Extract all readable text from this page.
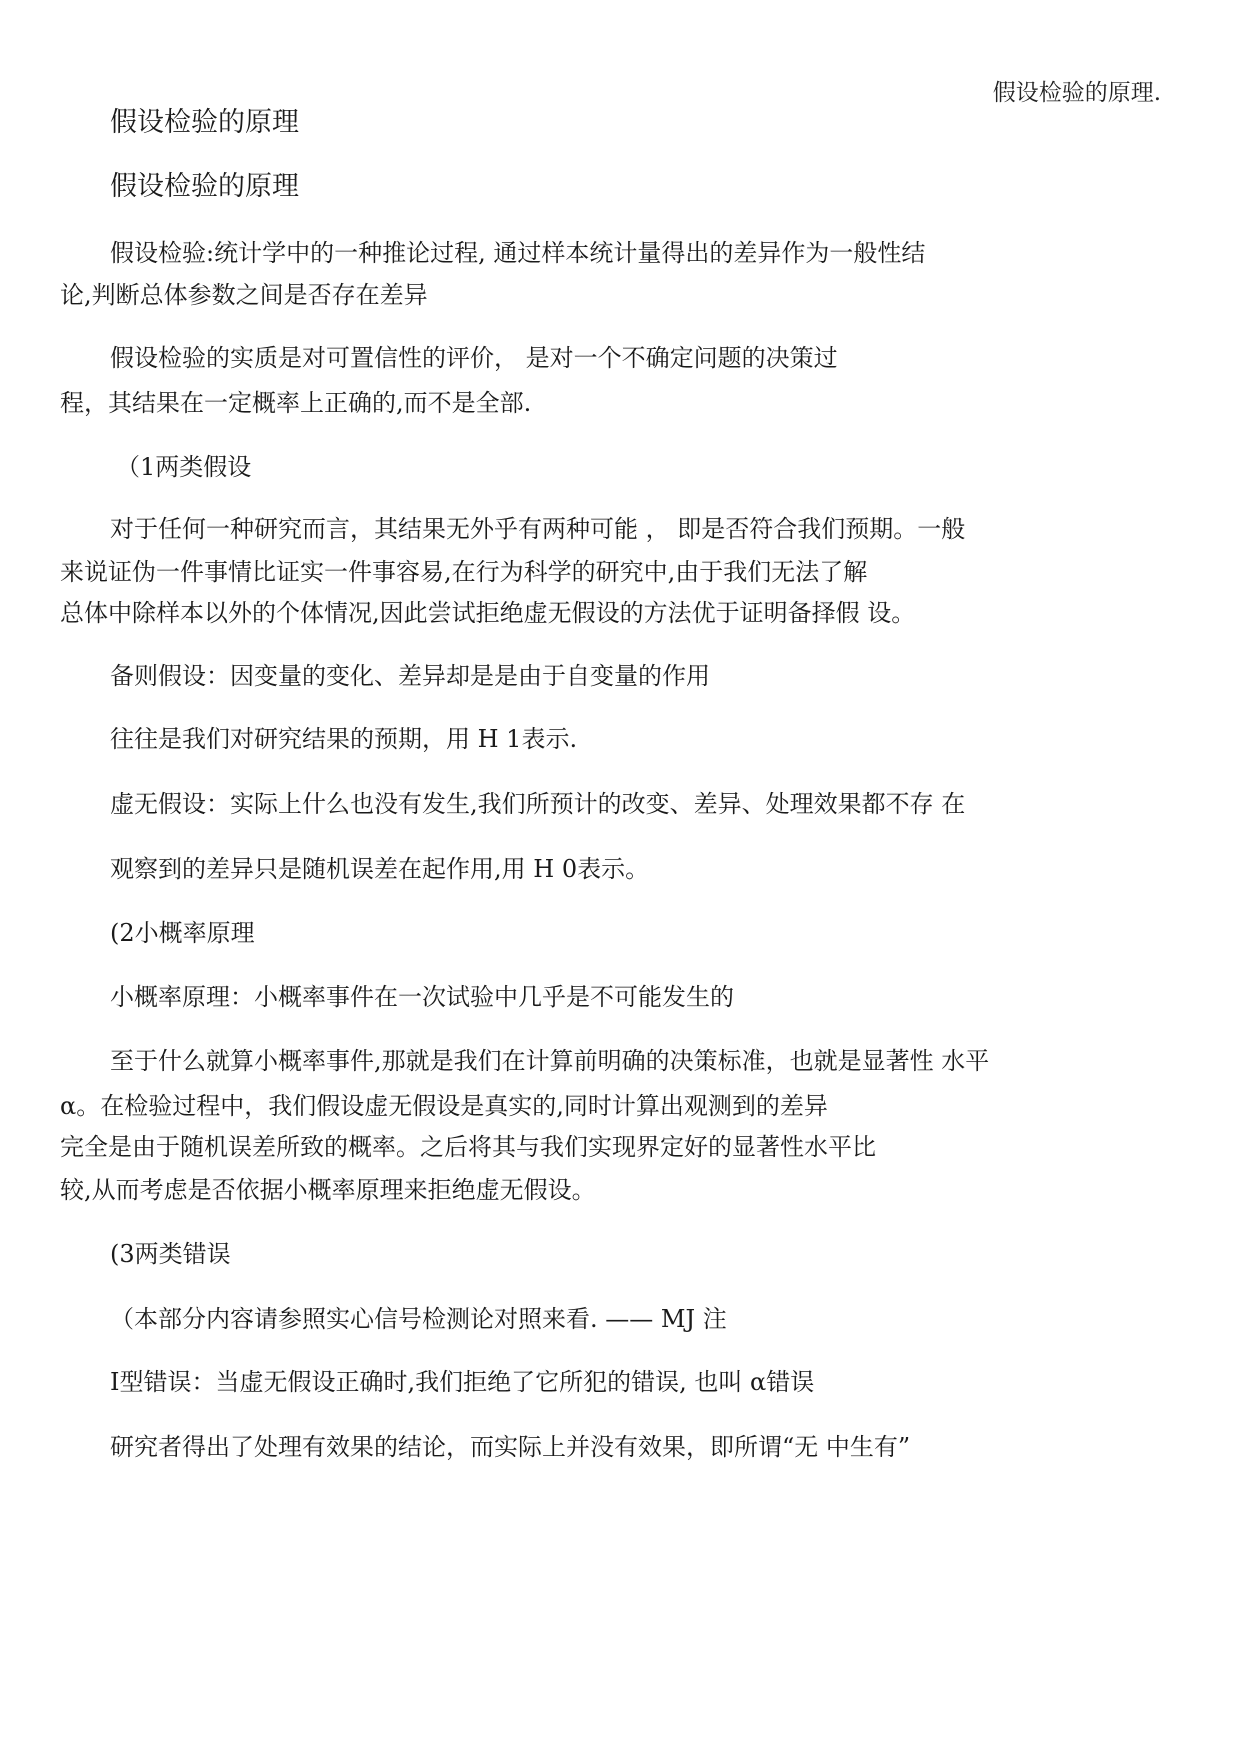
假设检验的原理.
假设检验的原理
假设检验的原理
假设检验:统计学中的一种推论过程, 通过样本统计量得出的差异作为一般性结
论,判断总体参数之间是否存在差异
假设检验的实质是对可置信性的评价， 是对一个不确定问题的决策过
程，其结果在一定概率上正确的,而不是全部.
（1两类假设
对于任何一种研究而言，其结果无外乎有两种可能 ， 即是否符合我们预期。一般
来说证伪一件事情比证实一件事容易,在行为科学的研究中,由于我们无法了解
总体中除样本以外的个体情况,因此尝试拒绝虚无假设的方法优于证明备择假 设。
备则假设：因变量的变化、差异却是是由于自变量的作用
往往是我们对研究结果的预期，用 H 1表示.
虚无假设：实际上什么也没有发生,我们所预计的改变、差异、处理效果都不存 在
观察到的差异只是随机误差在起作用,用 H 0表示。
(2小概率原理
小概率原理：小概率事件在一次试验中几乎是不可能发生的
至于什么就算小概率事件,那就是我们在计算前明确的决策标准，也就是显著性 水平
α。在检验过程中，我们假设虚无假设是真实的,同时计算出观测到的差异
完全是由于随机误差所致的概率。之后将其与我们实现界定好的显著性水平比
较,从而考虑是否依据小概率原理来拒绝虚无假设。
(3两类错误
（本部分内容请参照实心信号检测论对照来看. —— MJ 注
Ⅰ型错误：当虚无假设正确时,我们拒绝了它所犯的错误, 也叫 α错误
研究者得出了处理有效果的结论，而实际上并没有效果，即所谓“无 中生有”
